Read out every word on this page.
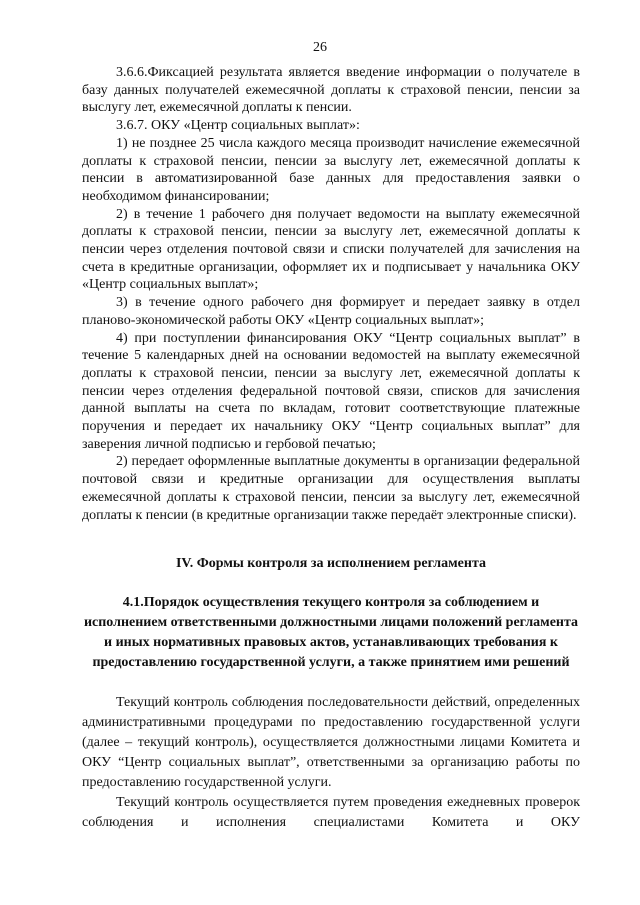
26

3.6.6.Фиксацией результата является введение информации о получателе в базу данных получателей ежемесячной доплаты к страховой пенсии, пенсии за выслугу лет, ежемесячной доплаты к пенсии.

3.6.7. ОКУ «Центр социальных выплат»:

1) не позднее 25 числа каждого месяца производит начисление ежемесячной доплаты к страховой пенсии, пенсии за выслугу лет, ежемесячной доплаты к пенсии в автоматизированной базе данных для предоставления заявки о необходимом финансировании;

2) в течение 1 рабочего дня получает ведомости на выплату ежемесячной доплаты к страховой пенсии, пенсии за выслугу лет, ежемесячной доплаты к пенсии через отделения почтовой связи и списки получателей для зачисления на счета в кредитные организации, оформляет их и подписывает у начальника ОКУ «Центр социальных выплат»;

3) в течение одного рабочего дня формирует и передает заявку в отдел планово-экономической работы ОКУ «Центр социальных выплат»;

4) при поступлении финансирования ОКУ “Центр социальных выплат” в течение 5 календарных дней на основании ведомостей на выплату ежемесячной доплаты к страховой пенсии, пенсии за выслугу лет, ежемесячной доплаты к пенсии через отделения федеральной почтовой связи, списков для зачисления данной выплаты на счета по вкладам, готовит соответствующие платежные поручения и передает их начальнику ОКУ “Центр социальных выплат” для заверения личной подписью и гербовой печатью;

2) передает оформленные выплатные документы в организации федеральной почтовой связи и кредитные организации для осуществления выплаты ежемесячной доплаты к страховой пенсии, пенсии за выслугу лет, ежемесячной доплаты к пенсии (в кредитные организации также передаёт электронные списки).

IV. Формы контроля за исполнением регламента
4.1.Порядок осуществления текущего контроля за соблюдением и исполнением ответственными должностными лицами положений регламента и иных нормативных правовых актов, устанавливающих требования к предоставлению государственной услуги, а также принятием ими решений

Текущий контроль соблюдения последовательности действий, определенных административными процедурами по предоставлению государственной услуги (далее – текущий контроль), осуществляется должностными лицами Комитета и ОКУ “Центр социальных выплат”, ответственными за организацию работы по предоставлению государственной услуги.

Текущий контроль осуществляется путем проведения ежедневных проверок соблюдения и исполнения специалистами Комитета и ОКУ
